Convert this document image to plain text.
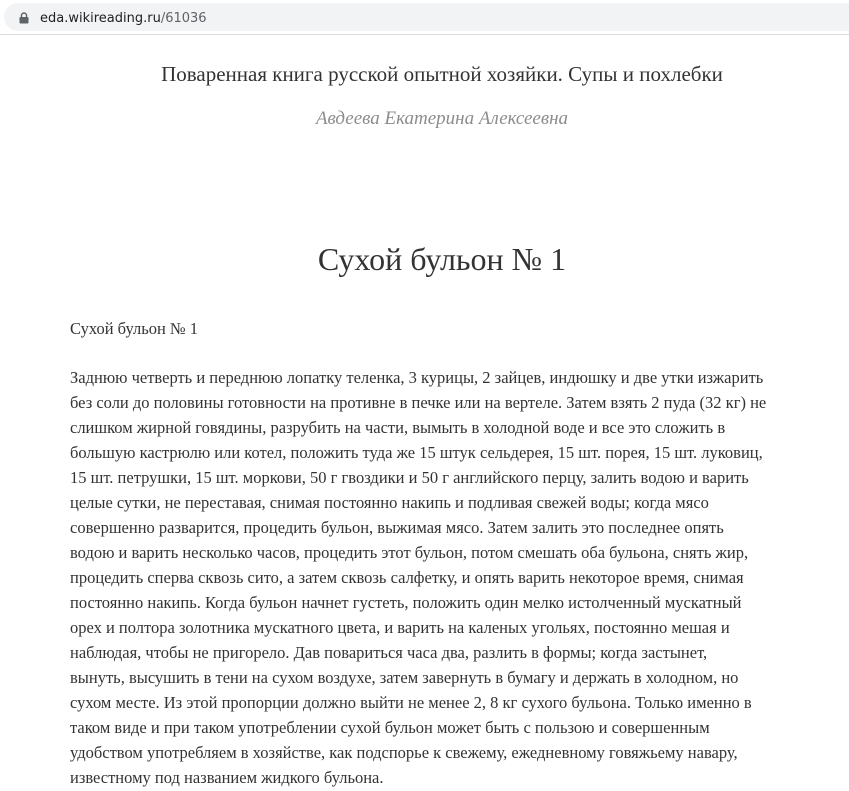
eda.wikireading.ru/61036
Поваренная книга русской опытной хозяйки. Супы и похлебки
Авдеева Екатерина Алексеевна
Сухой бульон № 1

Сухой бульон № 1

Заднюю четверть и переднюю лопатку теленка, 3 курицы, 2 зайцев, индюшку и две утки изжарить
без соли до половины готовности на противне в печке или на вертеле. Затем взять 2 пуда (32 кг) не
слишком жирной говядины, разрубить на части, вымыть в холодной воде и все это сложить в
большую кастрюлю или котел, положить туда же 15 штук сельдерея, 15 шт. порея, 15 шт. луковиц,
15 шт. петрушки, 15 шт. моркови, 50 г гвоздики и 50 г английского перцу, залить водою и варить
целые сутки, не переставая, снимая постоянно накипь и подливая свежей воды; когда мясо
совершенно разварится, процедить бульон, выжимая мясо. Затем залить это последнее опять
водою и варить несколько часов, процедить этот бульон, потом смешать оба бульона, снять жир,
процедить сперва сквозь сито, а затем сквозь салфетку, и опять варить некоторое время, снимая
постоянно накипь. Когда бульон начнет густеть, положить один мелко истолченный мускатный
орех и полтора золотника мускатного цвета, и варить на каленых угольях, постоянно мешая и
наблюдая, чтобы не пригорело. Дав повариться часа два, разлить в формы; когда застынет,
вынуть, высушить в тени на сухом воздухе, затем завернуть в бумагу и держать в холодном, но
сухом месте. Из этой пропорции должно выйти не менее 2, 8 кг сухого бульона. Только именно в
таком виде и при таком употреблении сухой бульон может быть с пользою и совершенным
удобством употребляем в хозяйстве, как подспорье к свежему, ежедневному говяжьему навару,
известному под названием жидкого бульона.
